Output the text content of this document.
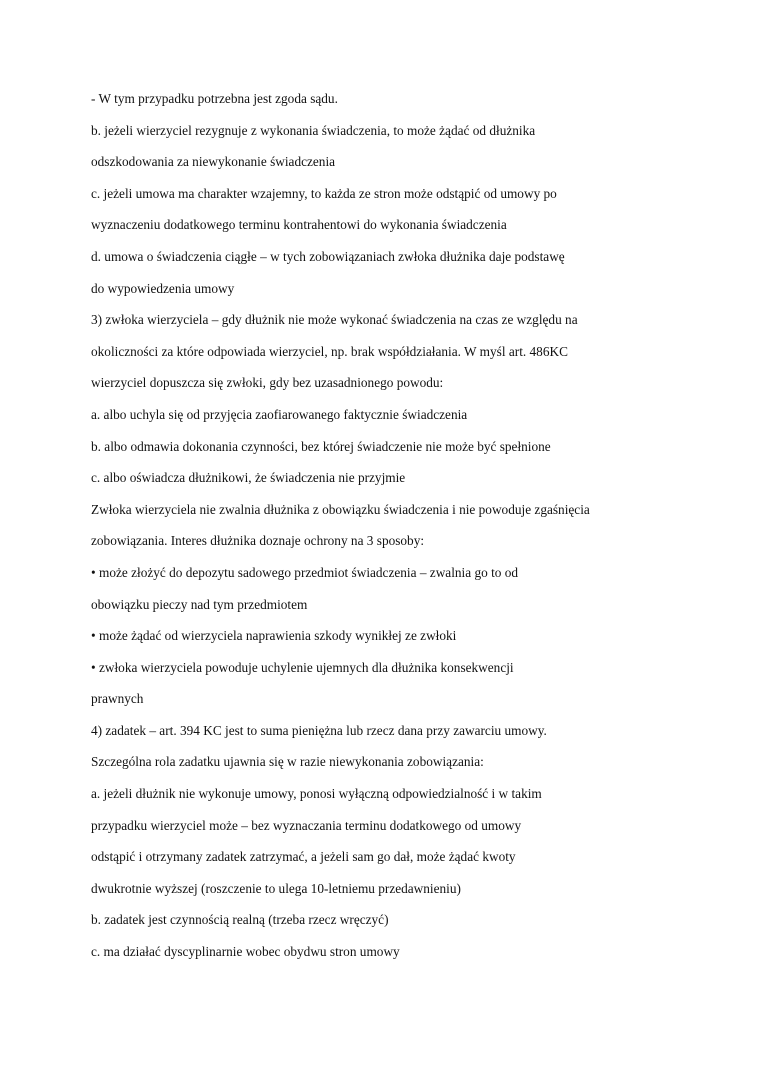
- W tym przypadku potrzebna jest zgoda sądu.
b. jeżeli wierzyciel rezygnuje z wykonania świadczenia, to może żądać od dłużnika
odszkodowania za niewykonanie świadczenia
c. jeżeli umowa ma charakter wzajemny, to każda ze stron może odstąpić od umowy po
wyznaczeniu dodatkowego terminu kontrahentowi do wykonania świadczenia
d. umowa o świadczenia ciągłe – w tych zobowiązaniach zwłoka dłużnika daje podstawę
do wypowiedzenia umowy
3) zwłoka wierzyciela – gdy dłużnik nie może wykonać świadczenia na czas ze względu na
okoliczności za które odpowiada wierzyciel, np. brak współdziałania. W myśl art. 486KC
wierzyciel dopuszcza się zwłoki, gdy bez uzasadnionego powodu:
a. albo uchyla się od przyjęcia zaofiarowanego faktycznie świadczenia
b. albo odmawia dokonania czynności, bez której świadczenie nie może być spełnione
c. albo oświadcza dłużnikowi, że świadczenia nie przyjmie
Zwłoka wierzyciela nie zwalnia dłużnika z obowiązku świadczenia i nie powoduje zgaśnięcia
zobowiązania. Interes dłużnika doznaje ochrony na 3 sposoby:
• może złożyć do depozytu sadowego przedmiot świadczenia – zwalnia go to od
obowiązku pieczy nad tym przedmiotem
• może żądać od wierzyciela naprawienia szkody wynikłej ze zwłoki
• zwłoka wierzyciela powoduje uchylenie ujemnych dla dłużnika konsekwencji
prawnych
4) zadatek – art. 394 KC jest to suma pieniężna lub rzecz dana przy zawarciu umowy.
Szczególna rola zadatku ujawnia się w razie niewykonania zobowiązania:
a. jeżeli dłużnik nie wykonuje umowy, ponosi wyłączną odpowiedzialność i w takim
przypadku wierzyciel może – bez wyznaczania terminu dodatkowego od umowy
odstąpić i otrzymany zadatek zatrzymać, a jeżeli sam go dał, może żądać kwoty
dwukrotnie wyższej (roszczenie to ulega 10-letniemu przedawnieniu)
b. zadatek jest czynnością realną (trzeba rzecz wręczyć)
c. ma działać dyscyplinarnie wobec obydwu stron umowy
